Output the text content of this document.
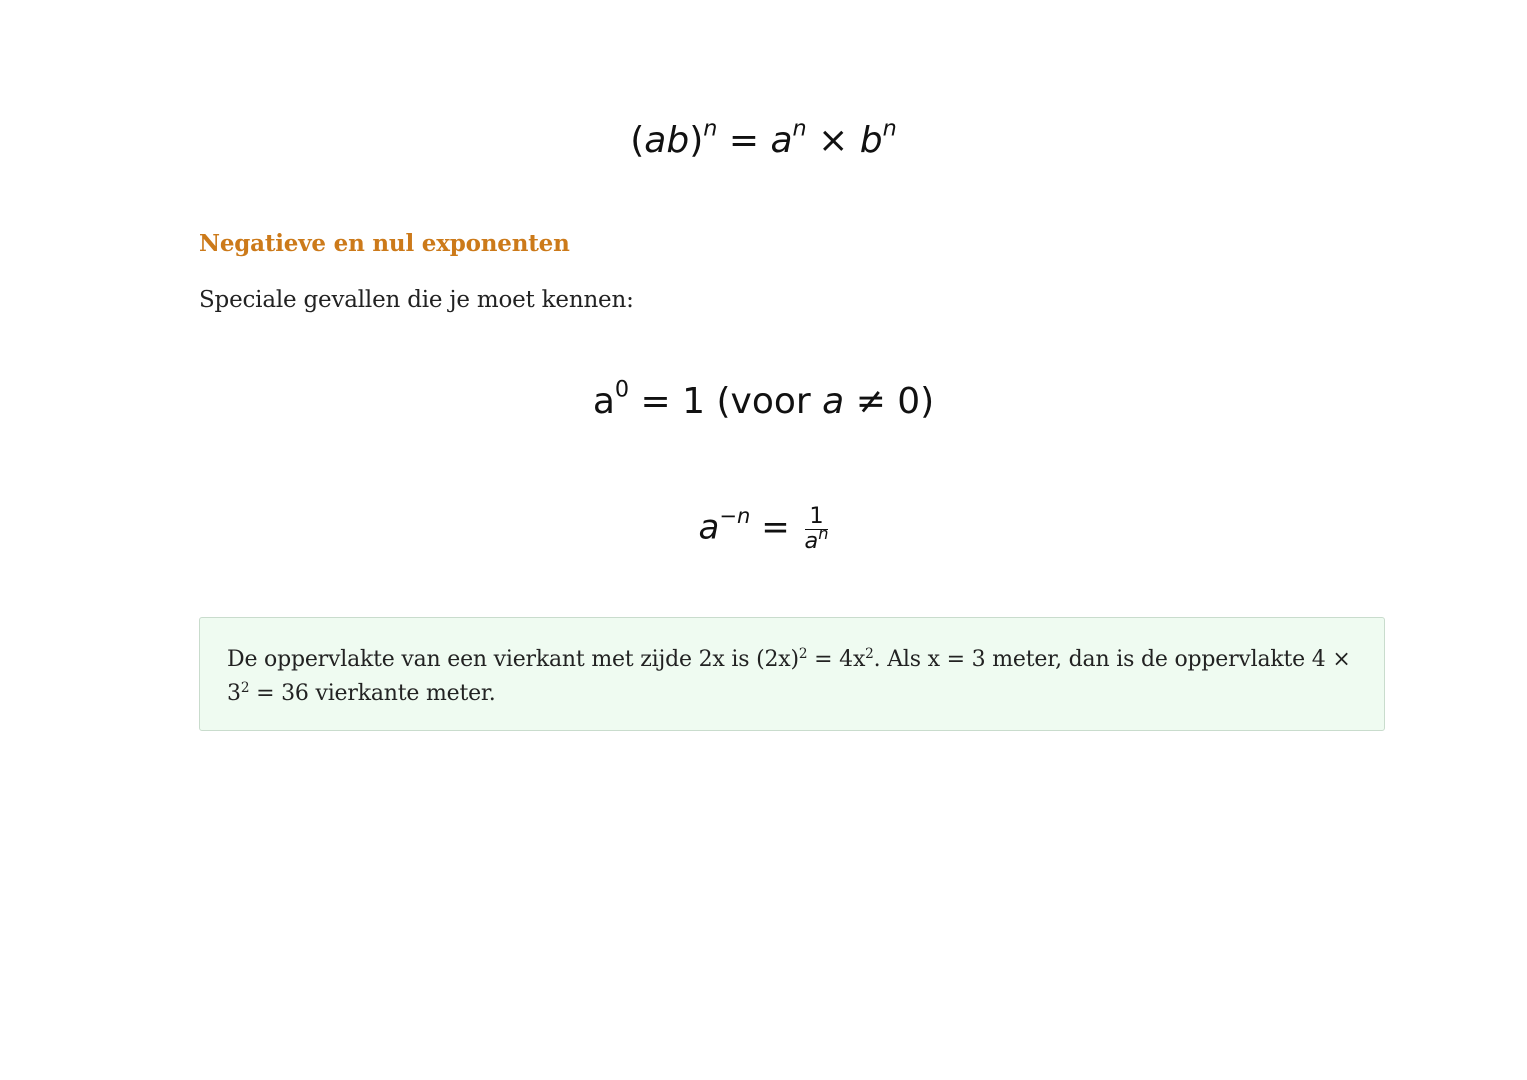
$(ab)^n = a^n \times b^n$
Negatieve en nul exponenten
Speciale gevallen die je moet kennen:
$a^0 = 1$ (voor a ≠ 0)
$a^{-n} = \frac{1}{a^n}$
De oppervlakte van een vierkant met zijde 2x is $(2x)^2 = 4x^2$. Als x = 3 meter, dan is de oppervlakte $4 \times 3^2 = 36$ vierkante meter.
